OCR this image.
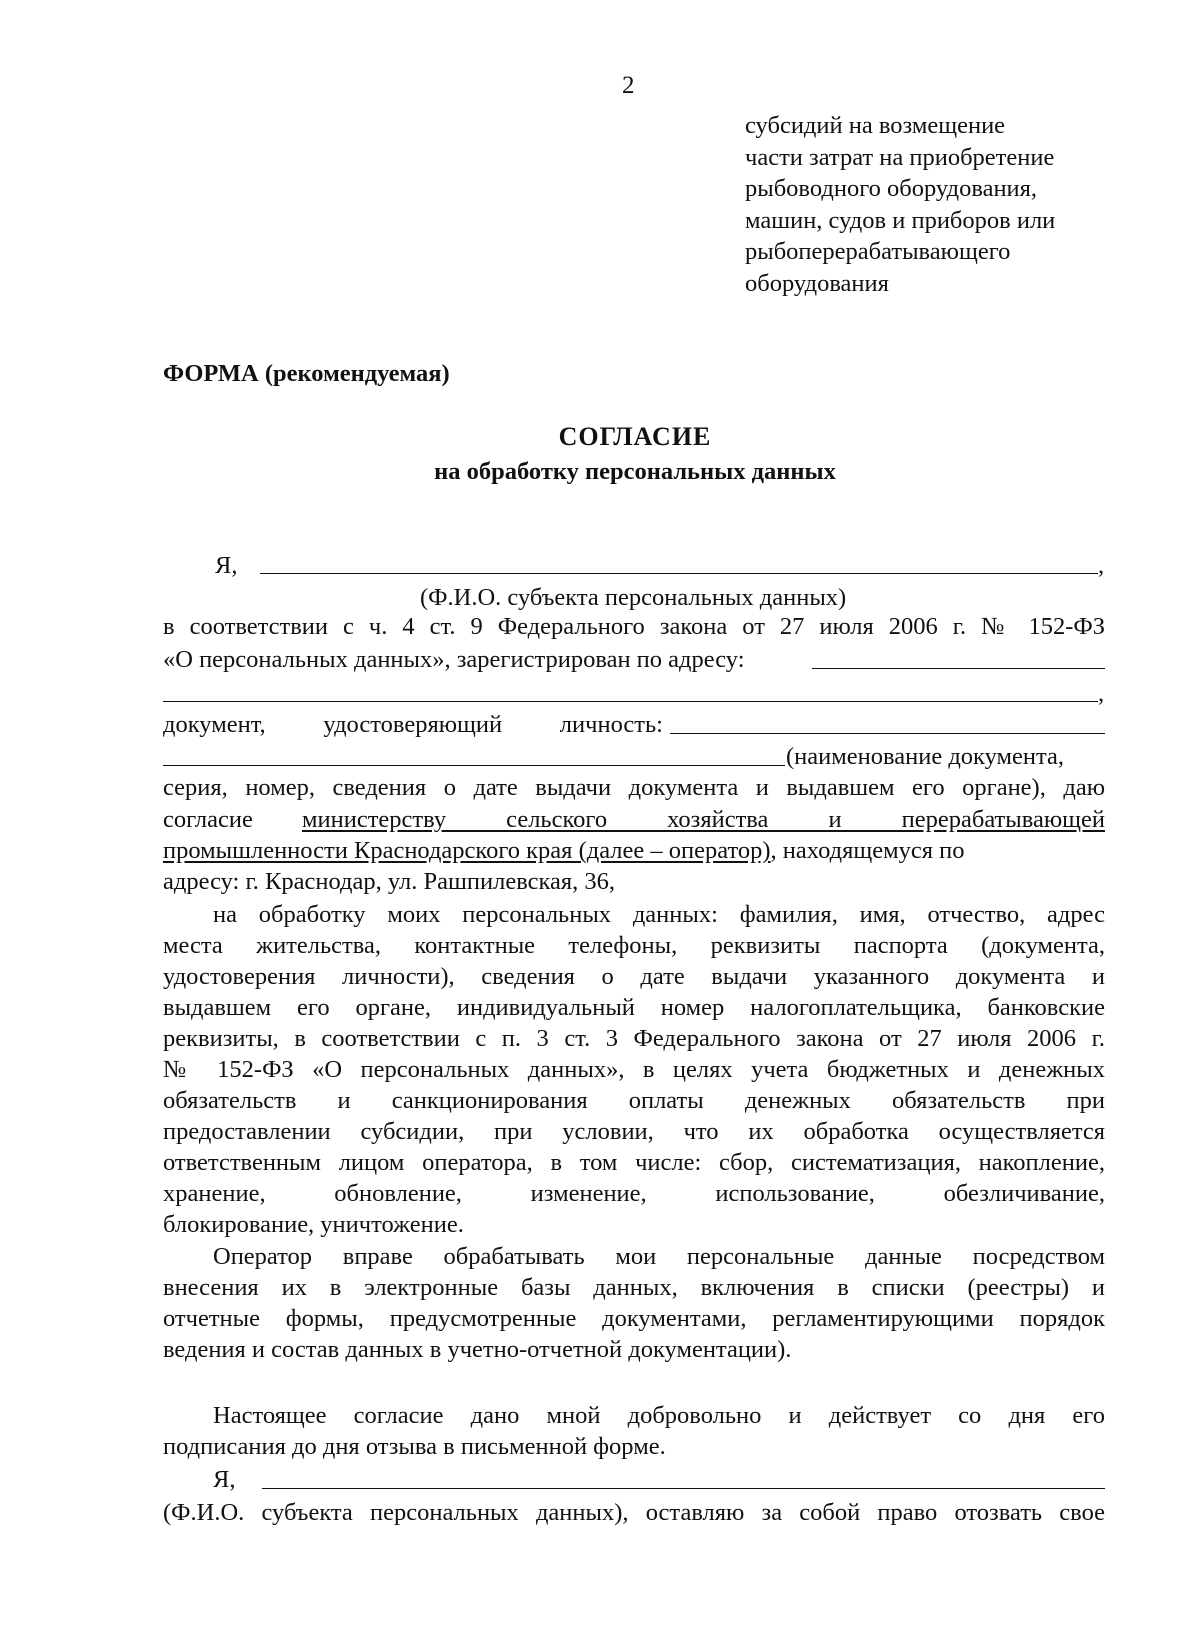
2
субсидий на возмещение
части затрат на приобретение
рыбоводного оборудования,
машин, судов и приборов или
рыбоперерабатывающего
оборудования
ФОРМА (рекомендуемая)
СОГЛАСИЕ
на обработку персональных данных
Я,	,
(Ф.И.О. субъекта персональных данных)
в соответствии с ч. 4 ст. 9 Федерального закона от 27 июля 2006 г. № 152-ФЗ
«О персональных данных», зарегистрирован по адресу:
,
документ, удостоверяющий личность:
(наименование документа,
серия, номер, сведения о дате выдачи документа и выдавшем его органе), даю
согласие министерству сельского хозяйства и перерабатывающей
промышленности Краснодарского края (далее – оператор), находящемуся по
адресу: г. Краснодар, ул. Рашпилевская, 36,
на обработку моих персональных данных: фамилия, имя, отчество, адрес
места жительства, контактные телефоны, реквизиты паспорта (документа,
удостоверения личности), сведения о дате выдачи указанного документа и
выдавшем его органе, индивидуальный номер налогоплательщика, банковские
реквизиты, в соответствии с п. 3 ст. 3 Федерального закона от 27 июля 2006 г.
№ 152-ФЗ «О персональных данных», в целях учета бюджетных и денежных
обязательств и санкционирования оплаты денежных обязательств при
предоставлении субсидии, при условии, что их обработка осуществляется
ответственным лицом оператора, в том числе: сбор, систематизация, накопление,
хранение, обновление, изменение, использование, обезличивание,
блокирование, уничтожение.
Оператор вправе обрабатывать мои персональные данные посредством
внесения их в электронные базы данных, включения в списки (реестры) и
отчетные формы, предусмотренные документами, регламентирующими порядок
ведения и состав данных в учетно-отчетной документации).
Настоящее согласие дано мной добровольно и действует со дня его
подписания до дня отзыва в письменной форме.
Я,
(Ф.И.О. субъекта персональных данных), оставляю за собой право отозвать свое
